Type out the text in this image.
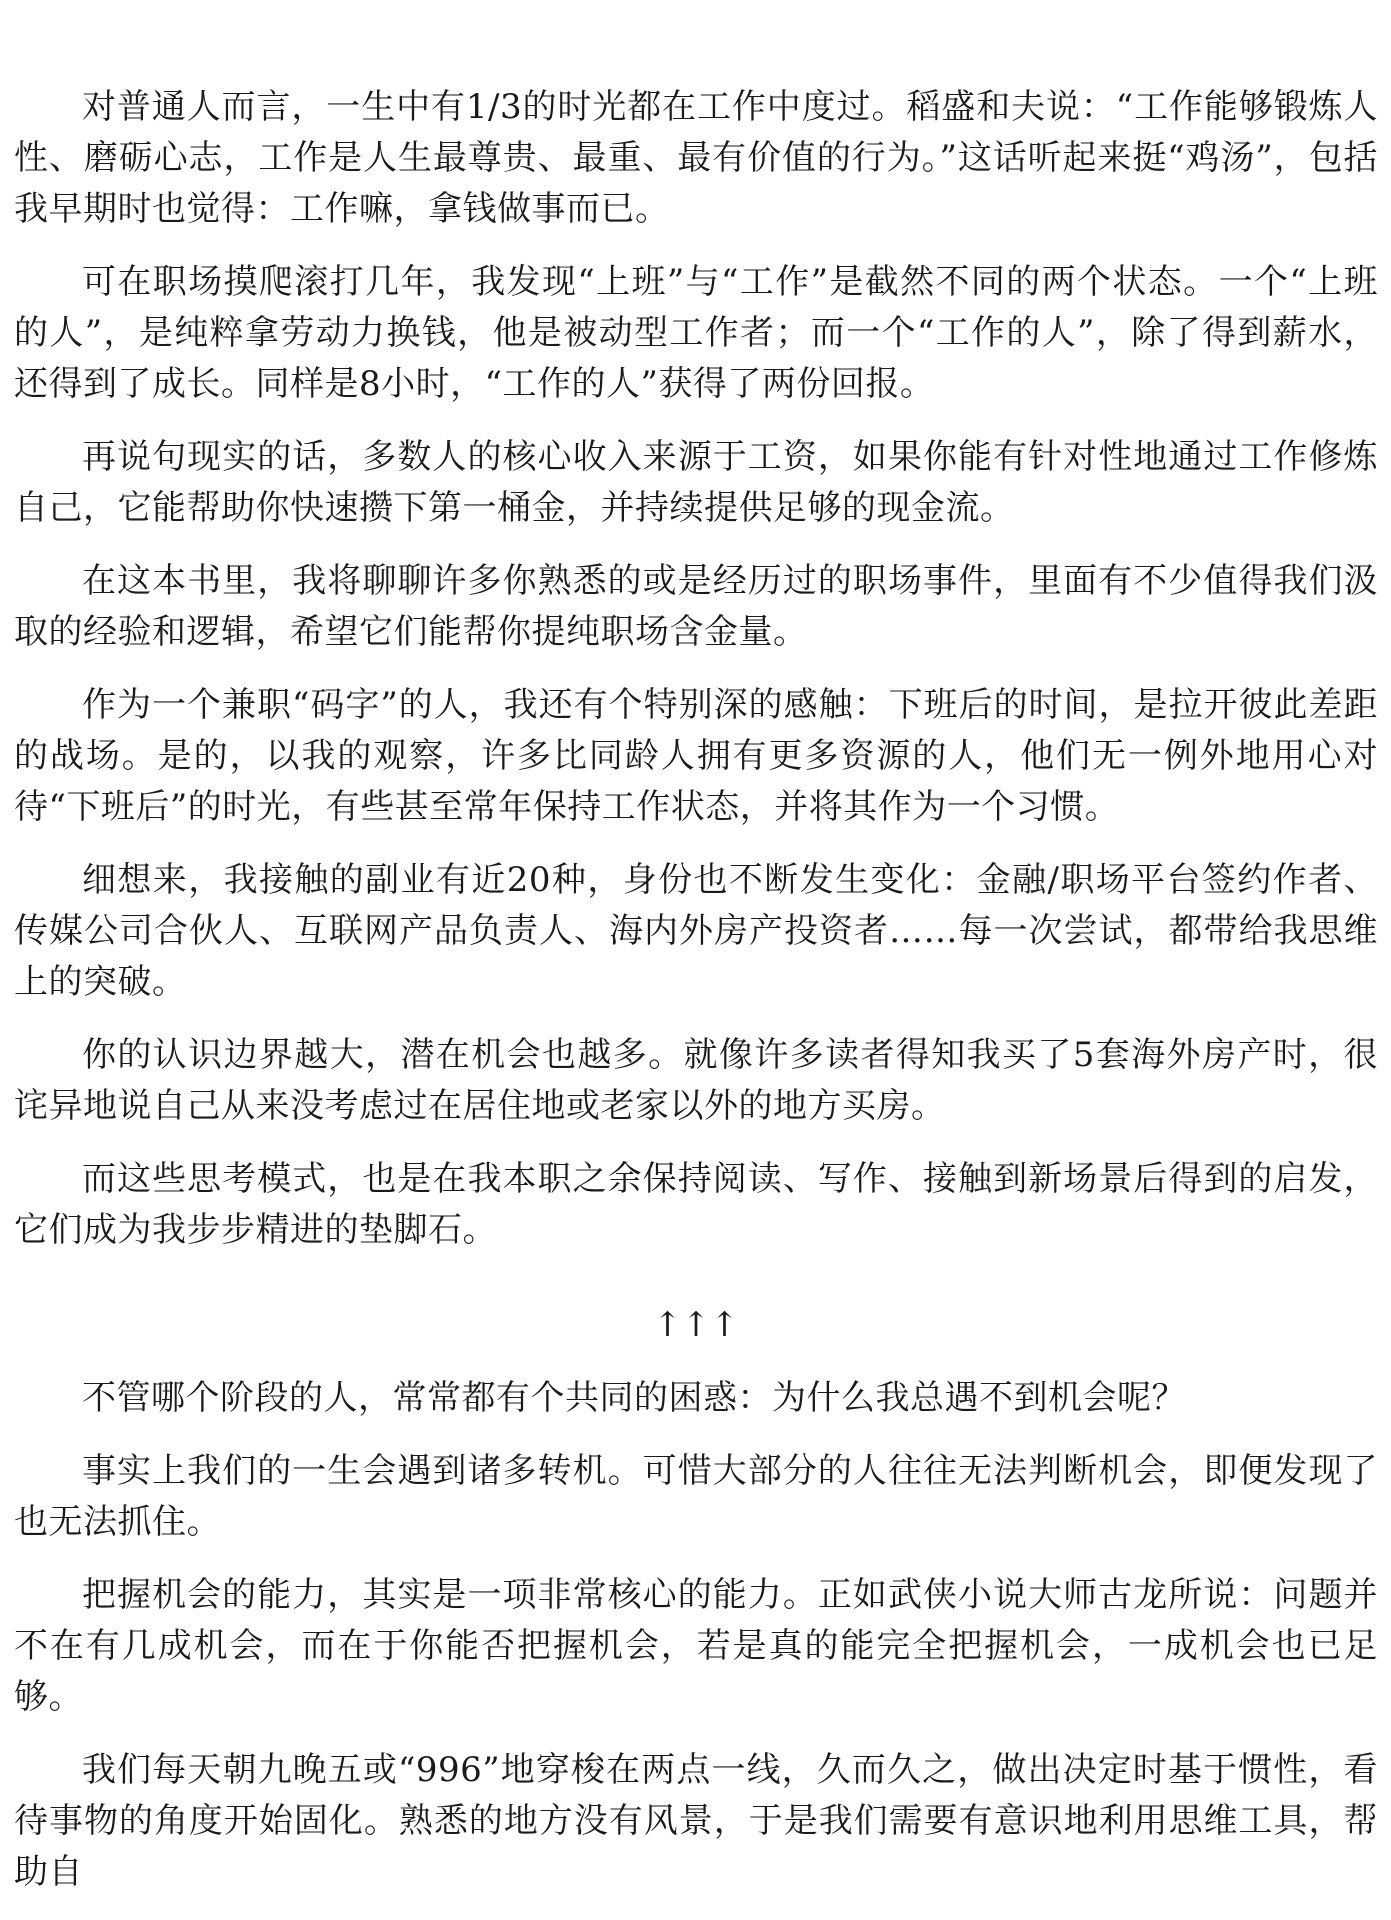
对普通人而言，一生中有1/3的时光都在工作中度过。稻盛和夫说：“工作能够锻炼人性、磨砺心志，工作是人生最尊贵、最重、最有价值的行为。”这话听起来挺“鸡汤”，包括我早期时也觉得：工作嘛，拿钱做事而已。

可在职场摸爬滚打几年，我发现“上班”与“工作”是截然不同的两个状态。一个“上班的人”，是纯粹拿劳动力换钱，他是被动型工作者；而一个“工作的人”，除了得到薪水，还得到了成长。同样是8小时，“工作的人”获得了两份回报。

再说句现实的话，多数人的核心收入来源于工资，如果你能有针对性地通过工作修炼自己，它能帮助你快速攒下第一桶金，并持续提供足够的现金流。

在这本书里，我将聊聊许多你熟悉的或是经历过的职场事件，里面有不少值得我们汲取的经验和逻辑，希望它们能帮你提纯职场含金量。

作为一个兼职“码字”的人，我还有个特别深的感触：下班后的时间，是拉开彼此差距的战场。是的，以我的观察，许多比同龄人拥有更多资源的人，他们无一例外地用心对待“下班后”的时光，有些甚至常年保持工作状态，并将其作为一个习惯。

细想来，我接触的副业有近20种，身份也不断发生变化：金融/职场平台签约作者、传媒公司合伙人、互联网产品负责人、海内外房产投资者……每一次尝试，都带给我思维上的突破。

你的认识边界越大，潜在机会也越多。就像许多读者得知我买了5套海外房产时，很诧异地说自己从来没考虑过在居住地或老家以外的地方买房。

而这些思考模式，也是在我本职之余保持阅读、写作、接触到新场景后得到的启发，它们成为我步步精进的垫脚石。

↑↑↑

不管哪个阶段的人，常常都有个共同的困惑：为什么我总遇不到机会呢？

事实上我们的一生会遇到诸多转机。可惜大部分的人往往无法判断机会，即便发现了也无法抓住。

把握机会的能力，其实是一项非常核心的能力。正如武侠小说大师古龙所说：问题并不在有几成机会，而在于你能否把握机会，若是真的能完全把握机会，一成机会也已足够。

我们每天朝九晚五或“996”地穿梭在两点一线，久而久之，做出决定时基于惯性，看待事物的角度开始固化。熟悉的地方没有风景，于是我们需要有意识地利用思维工具，帮助自
